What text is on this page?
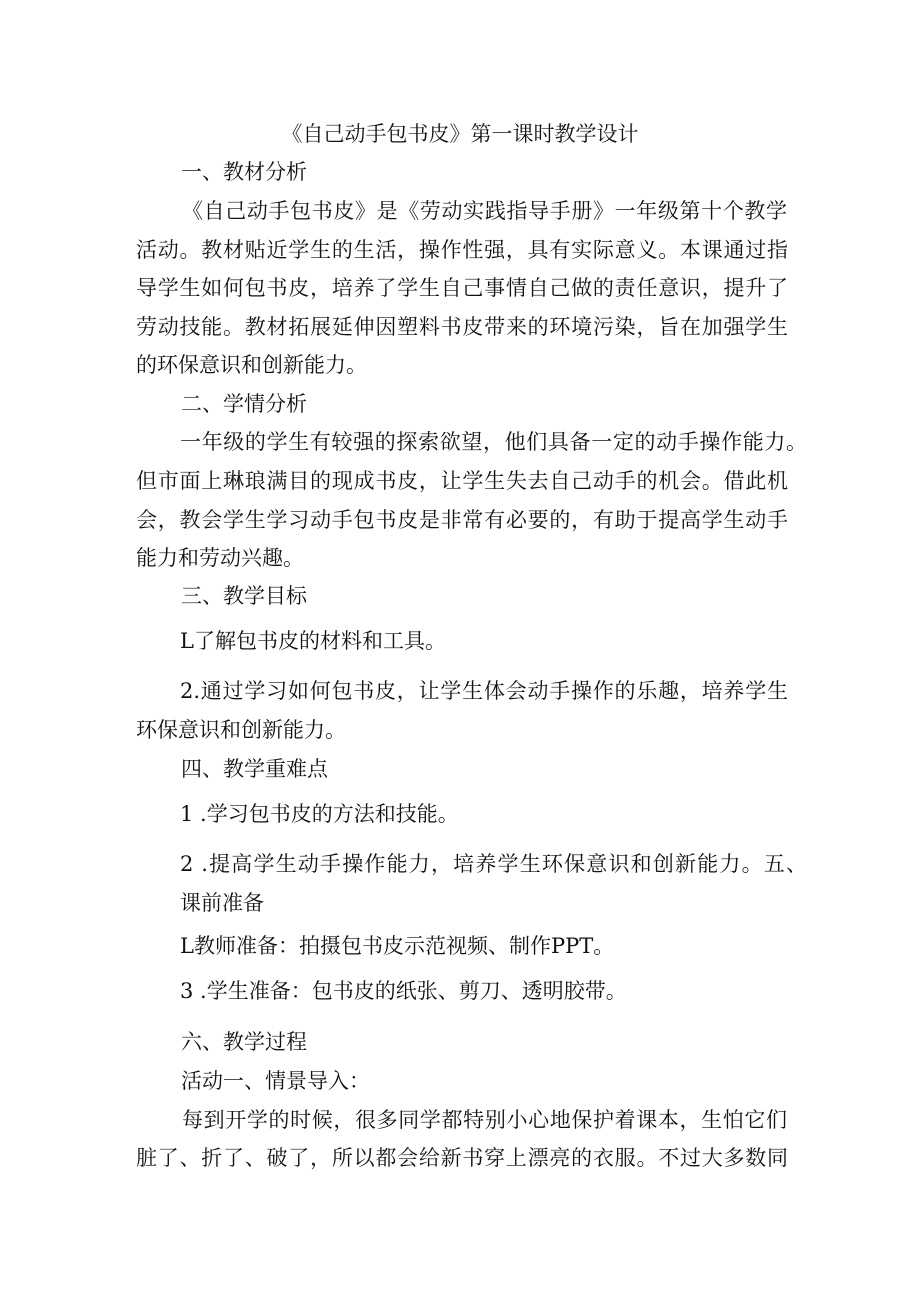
《自己动手包书皮》第一课时教学设计
一、教材分析
《自己动手包书皮》是《劳动实践指导手册》一年级第十个教学
活动。教材贴近学生的生活，操作性强，具有实际意义。本课通过指
导学生如何包书皮，培养了学生自己事情自己做的责任意识，提升了
劳动技能。教材拓展延伸因塑料书皮带来的环境污染，旨在加强学生
的环保意识和创新能力。
二、学情分析
一年级的学生有较强的探索欲望，他们具备一定的动手操作能力。
但市面上琳琅满目的现成书皮，让学生失去自己动手的机会。借此机
会，教会学生学习动手包书皮是非常有必要的，有助于提高学生动手
能力和劳动兴趣。
三、教学目标
L了解包书皮的材料和工具。
2.通过学习如何包书皮，让学生体会动手操作的乐趣，培养学生
环保意识和创新能力。
四、教学重难点
1 .学习包书皮的方法和技能。
2 .提高学生动手操作能力，培养学生环保意识和创新能力。五、
课前准备
L教师准备：拍摄包书皮示范视频、制作PPT。
3 .学生准备：包书皮的纸张、剪刀、透明胶带。
六、教学过程
活动一、情景导入：
每到开学的时候，很多同学都特别小心地保护着课本，生怕它们
脏了、折了、破了，所以都会给新书穿上漂亮的衣服。不过大多数同
